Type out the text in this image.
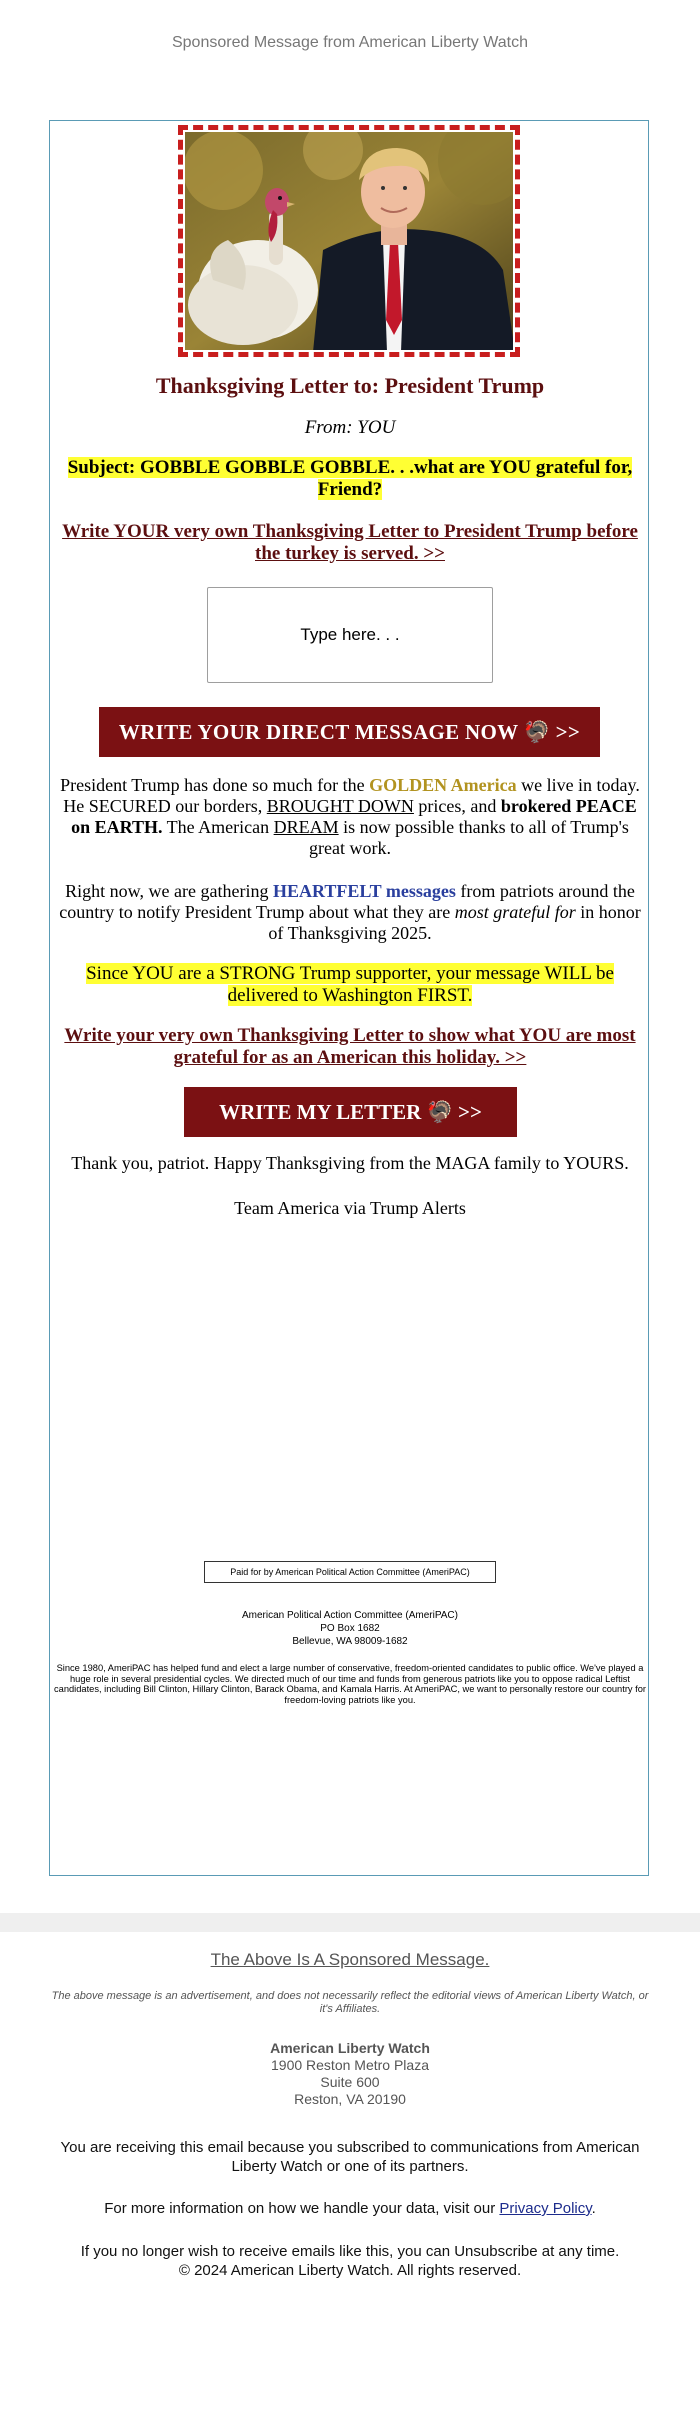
Sponsored Message from American Liberty Watch
Thanksgiving Letter to: President Trump
From: YOU
Subject: GOBBLE GOBBLE GOBBLE. . .what are YOU grateful for, Friend?
Write YOUR very own Thanksgiving Letter to President Trump before the turkey is served. >>
Type here. . .
WRITE YOUR DIRECT MESSAGE NOW 🦃 >>
President Trump has done so much for the GOLDEN America we live in today. He SECURED our borders, BROUGHT DOWN prices, and brokered PEACE on EARTH. The American DREAM is now possible thanks to all of Trump's great work.
Right now, we are gathering HEARTFELT messages from patriots around the country to notify President Trump about what they are most grateful for in honor of Thanksgiving 2025.
Since YOU are a STRONG Trump supporter, your message WILL be delivered to Washington FIRST.
Write your very own Thanksgiving Letter to show what YOU are most grateful for as an American this holiday. >>
WRITE MY LETTER 🦃 >>
Thank you, patriot. Happy Thanksgiving from the MAGA family to YOURS.
Team America via Trump Alerts
Paid for by American Political Action Committee (AmeriPAC)
American Political Action Committee (AmeriPAC)
PO Box 1682
Bellevue, WA 98009-1682
Since 1980, AmeriPAC has helped fund and elect a large number of conservative, freedom-oriented candidates to public office. We've played a huge role in several presidential cycles. We directed much of our time and funds from generous patriots like you to oppose radical Leftist candidates, including Bill Clinton, Hillary Clinton, Barack Obama, and Kamala Harris. At AmeriPAC, we want to personally restore our country for freedom-loving patriots like you.
The Above Is A Sponsored Message.
The above message is an advertisement, and does not necessarily reflect the editorial views of American Liberty Watch, or it's Affiliates.
American Liberty Watch
1900 Reston Metro Plaza
Suite 600
Reston, VA 20190
You are receiving this email because you subscribed to communications from American Liberty Watch or one of its partners.
For more information on how we handle your data, visit our Privacy Policy.
If you no longer wish to receive emails like this, you can Unsubscribe at any time.
© 2024 American Liberty Watch. All rights reserved.
